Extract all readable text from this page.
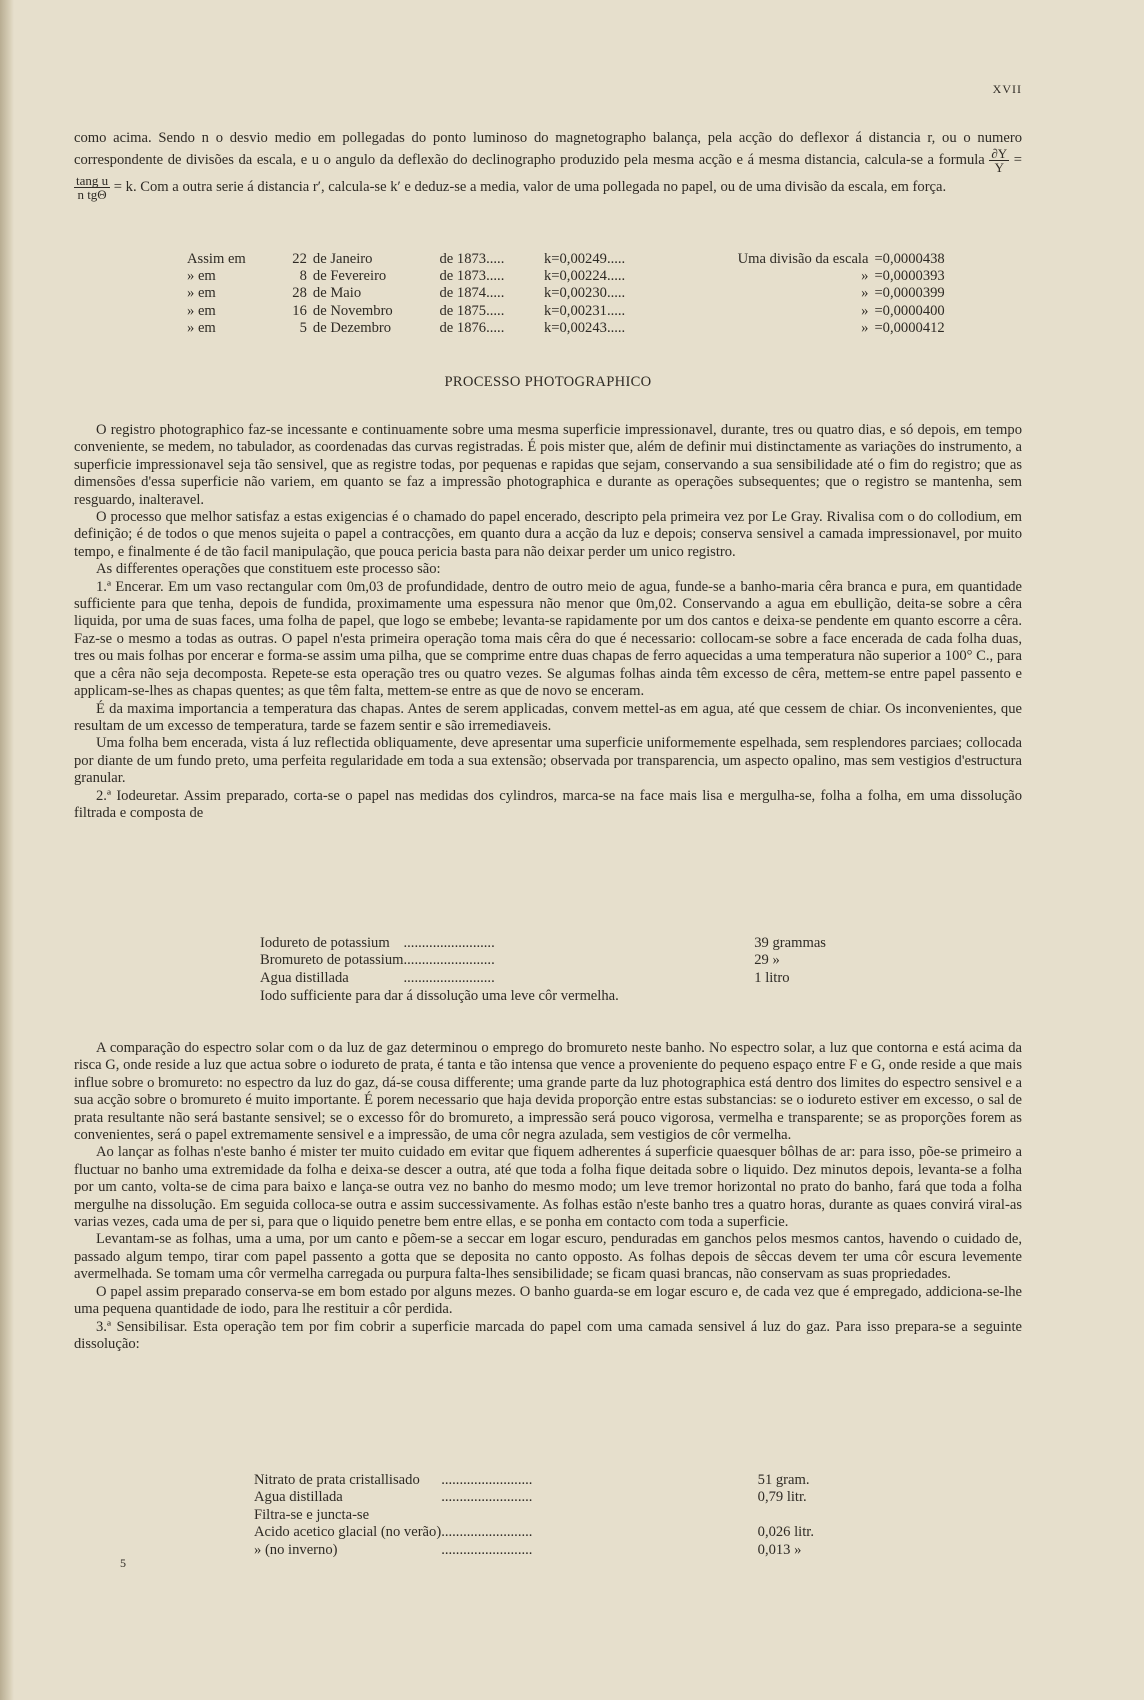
XVII

como acima. Sendo n o desvio medio em pollegadas do ponto luminoso do magnetographo balança, pela acção do deflexor á distancia r, ou o numero correspondente de divisões da escala, e u o angulo da deflexão do declinographo produzido pela mesma acção e á mesma distancia, calcula-se a formula $\frac{\partial Y}{Y}$ =
$\frac{\text{tang u}}{\text{n tgΘ}} = k$. Com a outra serie á distancia r′, calcula-se k′ e deduz-se a media, valor de uma pollegada no papel, ou de uma divisão da escala, em força.

Assim em	22	de Janeiro	de 1873.....	k=0,00249.....	Uma divisão da escala	=0,0000438
» em	8	de Fevereiro	de 1873.....	k=0,00224.....	»	=0,0000393
» em	28	de Maio	de 1874.....	k=0,00230.....	»	=0,0000399
» em	16	de Novembro	de 1875.....	k=0,00231.....	»	=0,0000400
» em	5	de Dezembro	de 1876.....	k=0,00243.....	»	=0,0000412
PROCESSO PHOTOGRAPHICO

O registro photographico faz-se incessante e continuamente sobre uma mesma superficie impressionavel, durante, tres ou quatro dias, e só depois, em tempo conveniente, se medem, no tabulador, as coordenadas das curvas registradas. É pois mister que, além de definir mui distinctamente as variações do instrumento, a superficie impressionavel seja tão sensivel, que as registre todas, por pequenas e rapidas que sejam, conservando a sua sensibilidade até o fim do registro; que as dimensões d'essa superficie não variem, em quanto se faz a impressão photographica e durante as operações subsequentes; que o registro se mantenha, sem resguardo, inalteravel.

O processo que melhor satisfaz a estas exigencias é o chamado do papel encerado, descripto pela primeira vez por Le Gray. Rivalisa com o do collodium, em definição; é de todos o que menos sujeita o papel a contracções, em quanto dura a acção da luz e depois; conserva sensivel a camada impressionavel, por muito tempo, e finalmente é de tão facil manipulação, que pouca pericia basta para não deixar perder um unico registro.

As differentes operações que constituem este processo são:

1.ª Encerar. Em um vaso rectangular com 0m,03 de profundidade, dentro de outro meio de agua, funde-se a banho-maria cêra branca e pura, em quantidade sufficiente para que tenha, depois de fundida, proximamente uma espessura não menor que 0m,02. Conservando a agua em ebullição, deita-se sobre a cêra liquida, por uma de suas faces, uma folha de papel, que logo se embebe; levanta-se rapidamente por um dos cantos e deixa-se pendente em quanto escorre a cêra. Faz-se o mesmo a todas as outras. O papel n'esta primeira operação toma mais cêra do que é necessario: collocam-se sobre a face encerada de cada folha duas, tres ou mais folhas por encerar e forma-se assim uma pilha, que se comprime entre duas chapas de ferro aquecidas a uma temperatura não superior a 100° C., para que a cêra não seja decomposta. Repete-se esta operação tres ou quatro vezes. Se algumas folhas ainda têm excesso de cêra, mettem-se entre papel passento e applicam-se-lhes as chapas quentes; as que têm falta, mettem-se entre as que de novo se enceram.

É da maxima importancia a temperatura das chapas. Antes de serem applicadas, convem mettel-as em agua, até que cessem de chiar. Os inconvenientes, que resultam de um excesso de temperatura, tarde se fazem sentir e são irremediaveis.

Uma folha bem encerada, vista á luz reflectida obliquamente, deve apresentar uma superficie uniformemente espelhada, sem resplendores parciaes; collocada por diante de um fundo preto, uma perfeita regularidade em toda a sua extensão; observada por transparencia, um aspecto opalino, mas sem vestigios d'estructura granular.

2.ª Iodeuretar. Assim preparado, corta-se o papel nas medidas dos cylindros, marca-se na face mais lisa e mergulha-se, folha a folha, em uma dissolução filtrada e composta de

Iodureto de potassium	.........................	39 grammas
Bromureto de potassium	.........................	29 »
Agua distillada	.........................	1 litro
Iodo sufficiente para dar á dissolução uma leve côr vermelha.

A comparação do espectro solar com o da luz de gaz determinou o emprego do bromureto neste banho. No espectro solar, a luz que contorna e está acima da risca G, onde reside a luz que actua sobre o iodureto de prata, é tanta e tão intensa que vence a proveniente do pequeno espaço entre F e G, onde reside a que mais influe sobre o bromureto: no espectro da luz do gaz, dá-se cousa differente; uma grande parte da luz photographica está dentro dos limites do espectro sensivel e a sua acção sobre o bromureto é muito importante. É porem necessario que haja devida proporção entre estas substancias: se o iodureto estiver em excesso, o sal de prata resultante não será bastante sensivel; se o excesso fôr do bromureto, a impressão será pouco vigorosa, vermelha e transparente; se as proporções forem as convenientes, será o papel extremamente sensivel e a impressão, de uma côr negra azulada, sem vestigios de côr vermelha.

Ao lançar as folhas n'este banho é mister ter muito cuidado em evitar que fiquem adherentes á superficie quaesquer bôlhas de ar: para isso, põe-se primeiro a fluctuar no banho uma extremidade da folha e deixa-se descer a outra, até que toda a folha fique deitada sobre o liquido. Dez minutos depois, levanta-se a folha por um canto, volta-se de cima para baixo e lança-se outra vez no banho do mesmo modo; um leve tremor horizontal no prato do banho, fará que toda a folha mergulhe na dissolução. Em seguida colloca-se outra e assim successivamente. As folhas estão n'este banho tres a quatro horas, durante as quaes convirá viral-as varias vezes, cada uma de per si, para que o liquido penetre bem entre ellas, e se ponha em contacto com toda a superficie.

Levantam-se as folhas, uma a uma, por um canto e põem-se a seccar em logar escuro, penduradas em ganchos pelos mesmos cantos, havendo o cuidado de, passado algum tempo, tirar com papel passento a gotta que se deposita no canto opposto. As folhas depois de sêccas devem ter uma côr escura levemente avermelhada. Se tomam uma côr vermelha carregada ou purpura falta-lhes sensibilidade; se ficam quasi brancas, não conservam as suas propriedades.

O papel assim preparado conserva-se em bom estado por alguns mezes. O banho guarda-se em logar escuro e, de cada vez que é empregado, addiciona-se-lhe uma pequena quantidade de iodo, para lhe restituir a côr perdida.

3.ª Sensibilisar. Esta operação tem por fim cobrir a superficie marcada do papel com uma camada sensivel á luz do gaz. Para isso prepara-se a seguinte dissolução:

Nitrato de prata cristallisado	.........................	51 gram.
Agua distillada	.........................	0,79 litr.
Filtra-se e juncta-se		
Acido acetico glacial (no verão)	.........................	0,026 litr.
» (no inverno)	.........................	0,013 »
5
